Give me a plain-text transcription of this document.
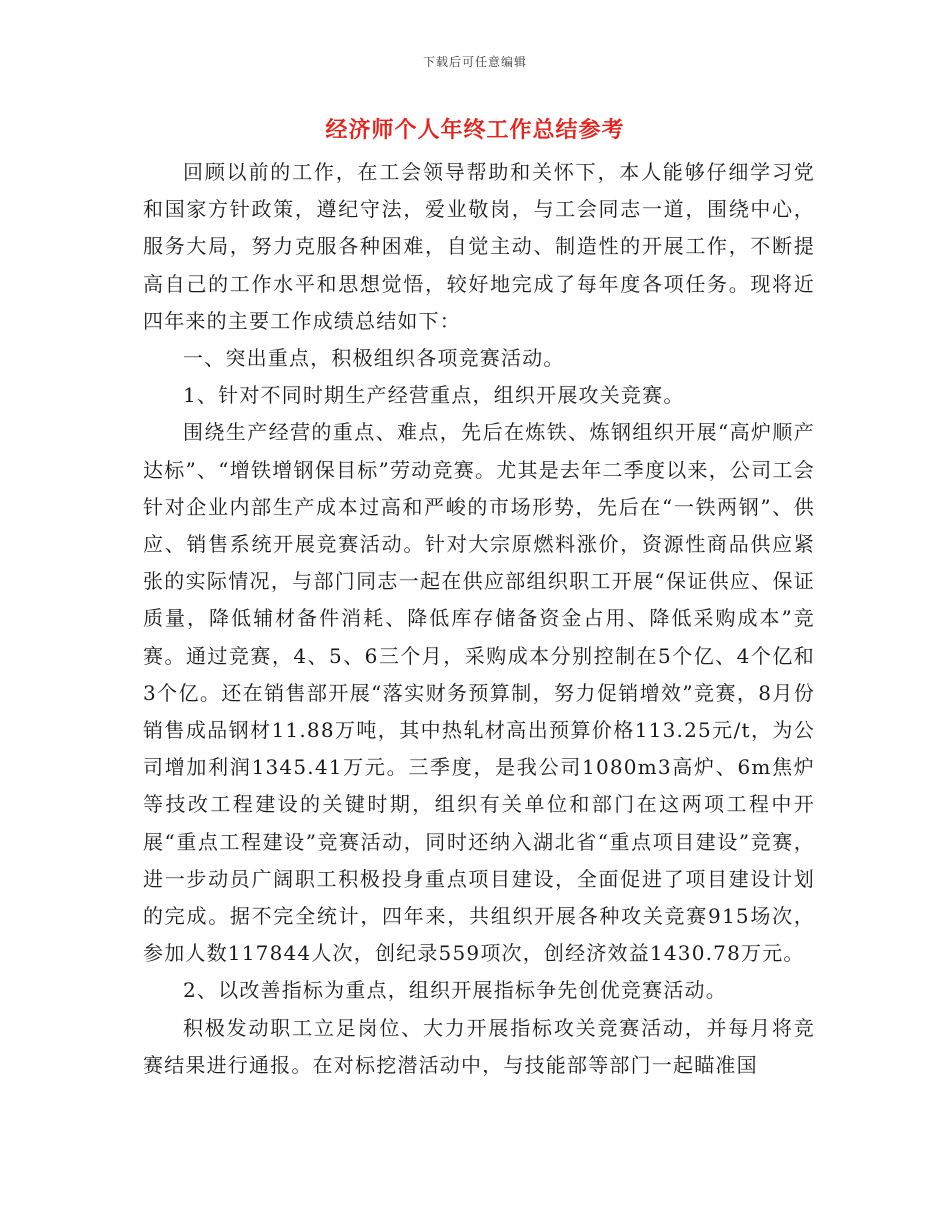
下载后可任意编辑
经济师个人年终工作总结参考

回顾以前的工作，在工会领导帮助和关怀下，本人能够仔细学习党和国家方针政策，遵纪守法，爱业敬岗，与工会同志一道，围绕中心，服务大局，努力克服各种困难，自觉主动、制造性的开展工作，不断提高自己的工作水平和思想觉悟，较好地完成了每年度各项任务。现将近四年来的主要工作成绩总结如下：

一、突出重点，积极组织各项竞赛活动。

1、针对不同时期生产经营重点，组织开展攻关竞赛。

围绕生产经营的重点、难点，先后在炼铁、炼钢组织开展“高炉顺产达标”、“增铁增钢保目标”劳动竞赛。尤其是去年二季度以来，公司工会针对企业内部生产成本过高和严峻的市场形势，先后在“一铁两钢”、供应、销售系统开展竞赛活动。针对大宗原燃料涨价，资源性商品供应紧张的实际情况，与部门同志一起在供应部组织职工开展“保证供应、保证质量，降低辅材备件消耗、降低库存储备资金占用、降低采购成本”竞赛。通过竞赛，4、5、6三个月，采购成本分别控制在5个亿、4个亿和3个亿。还在销售部开展“落实财务预算制，努力促销增效”竞赛，8月份销售成品钢材11.88万吨，其中热轧材高出预算价格113.25元/t，为公司增加利润1345.41万元。三季度，是我公司1080m3高炉、6m焦炉等技改工程建设的关键时期，组织有关单位和部门在这两项工程中开展“重点工程建设”竞赛活动，同时还纳入湖北省“重点项目建设”竞赛，进一步动员广阔职工积极投身重点项目建设，全面促进了项目建设计划的完成。据不完全统计，四年来，共组织开展各种攻关竞赛915场次，参加人数117844人次，创纪录559项次，创经济效益1430.78万元。

2、以改善指标为重点，组织开展指标争先创优竞赛活动。

积极发动职工立足岗位、大力开展指标攻关竞赛活动，并每月将竞赛结果进行通报。在对标挖潜活动中，与技能部等部门一起瞄准国
